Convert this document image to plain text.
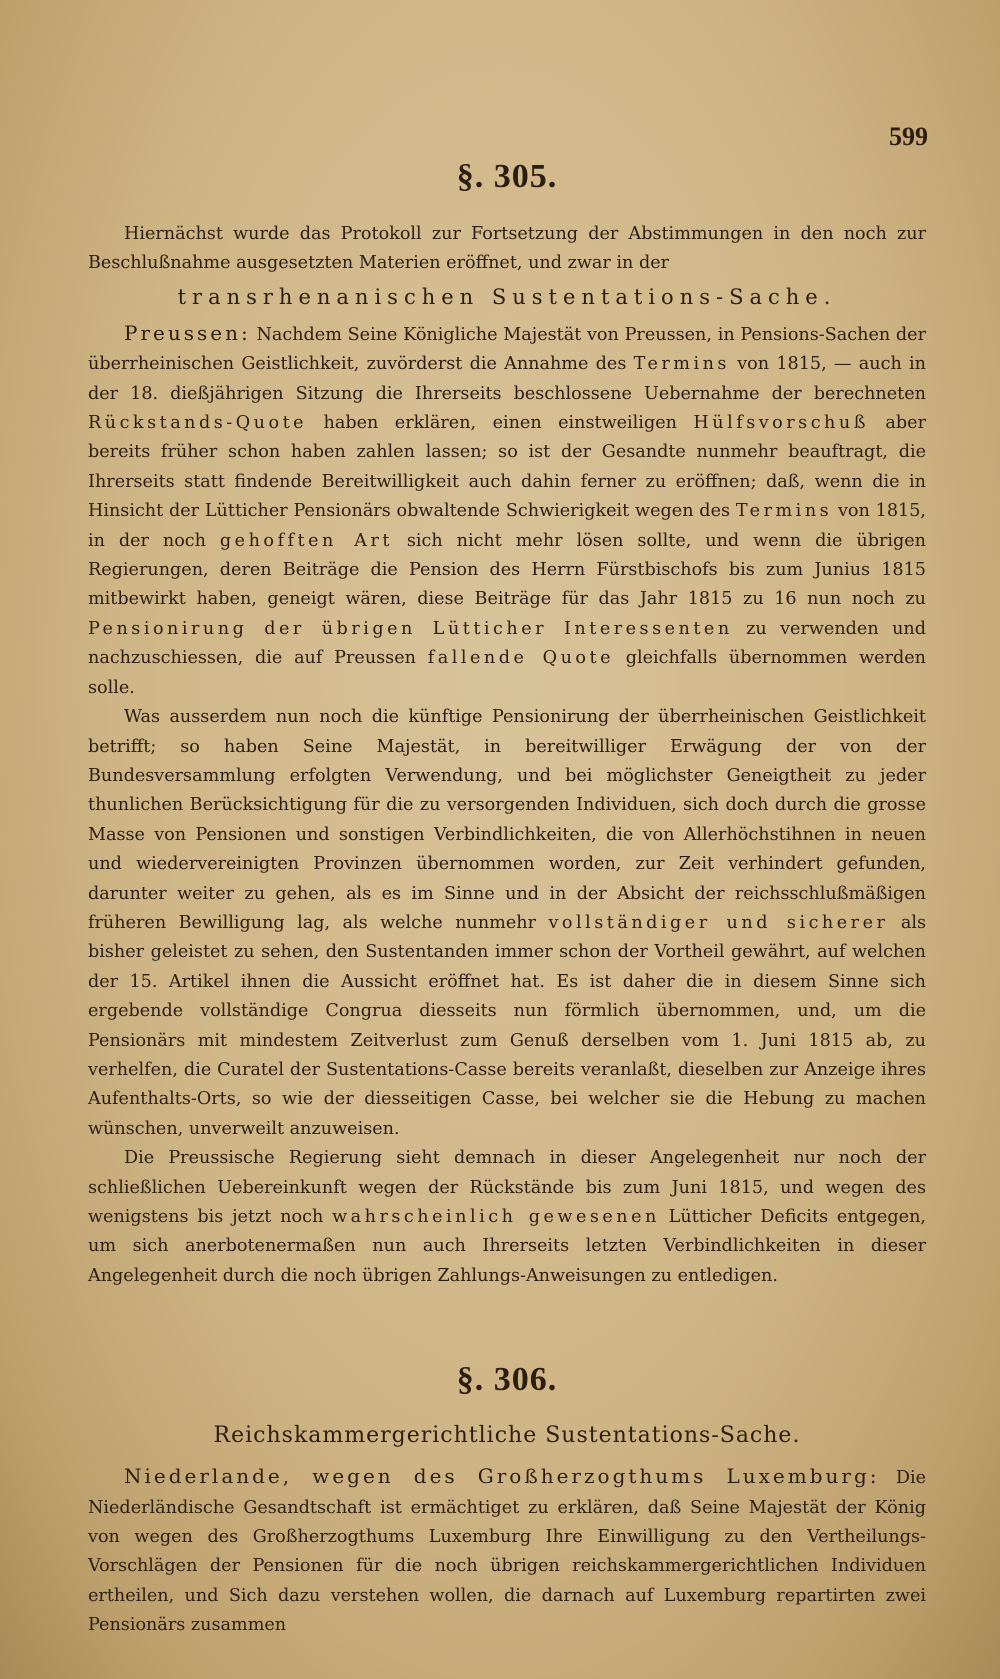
599
§. 305.

Hiernächst wurde das Protokoll zur Fortsetzung der Abstimmungen in den noch zur Beschlußnahme ausgesetzten Materien eröffnet, und zwar in der

transrhenanischen Sustentations-Sache.

Preussen: Nachdem Seine Königliche Majestät von Preussen, in Pensions-Sachen der überrheinischen Geistlichkeit, zuvörderst die Annahme des Termins von 1815, — auch in der 18. dießjährigen Sitzung die Ihrerseits beschlossene Uebernahme der berechneten Rückstands-Quote haben erklären, einen einstweiligen Hülfsvorschuß aber bereits früher schon haben zahlen lassen; so ist der Gesandte nunmehr beauftragt, die Ihrerseits statt findende Bereitwilligkeit auch dahin ferner zu eröffnen; daß, wenn die in Hinsicht der Lütticher Pensionärs obwaltende Schwierigkeit wegen des Termins von 1815, in der noch gehofften Art sich nicht mehr lösen sollte, und wenn die übrigen Regierungen, deren Beiträge die Pension des Herrn Fürstbischofs bis zum Junius 1815 mitbewirkt haben, geneigt wären, diese Beiträge für das Jahr 1815 zu 16 nun noch zu Pensionirung der übrigen Lütticher Interessenten zu verwenden und nachzuschiessen, die auf Preussen fallende Quote gleichfalls übernommen werden solle.

Was ausserdem nun noch die künftige Pensionirung der überrheinischen Geistlichkeit betrifft; so haben Seine Majestät, in bereitwilliger Erwägung der von der Bundesversammlung erfolgten Verwendung, und bei möglichster Geneigtheit zu jeder thunlichen Berücksichtigung für die zu versorgenden Individuen, sich doch durch die grosse Masse von Pensionen und sonstigen Verbindlichkeiten, die von Allerhöchstihnen in neuen und wiedervereinigten Provinzen übernommen worden, zur Zeit verhindert gefunden, darunter weiter zu gehen, als es im Sinne und in der Absicht der reichsschlußmäßigen früheren Bewilligung lag, als welche nunmehr vollständiger und sicherer als bisher geleistet zu sehen, den Sustentanden immer schon der Vortheil gewährt, auf welchen der 15. Artikel ihnen die Aussicht eröffnet hat. Es ist daher die in diesem Sinne sich ergebende vollständige Congrua diesseits nun förmlich übernommen, und, um die Pensionärs mit mindestem Zeitverlust zum Genuß derselben vom 1. Juni 1815 ab, zu verhelfen, die Curatel der Sustentations-Casse bereits veranlaßt, dieselben zur Anzeige ihres Aufenthalts-Orts, so wie der diesseitigen Casse, bei welcher sie die Hebung zu machen wünschen, unverweilt anzuweisen.

Die Preussische Regierung sieht demnach in dieser Angelegenheit nur noch der schließlichen Uebereinkunft wegen der Rückstände bis zum Juni 1815, und wegen des wenigstens bis jetzt noch wahrscheinlich gewesenen Lütticher Deficits entgegen, um sich anerbotenermaßen nun auch Ihrerseits letzten Verbindlichkeiten in dieser Angelegenheit durch die noch übrigen Zahlungs-Anweisungen zu entledigen.

§. 306.
Reichskammergerichtliche Sustentations-Sache.

Niederlande, wegen des Großherzogthums Luxemburg: Die Niederländische Gesandtschaft ist ermächtiget zu erklären, daß Seine Majestät der König von wegen des Großherzogthums Luxemburg Ihre Einwilligung zu den Vertheilungs-Vorschlägen der Pensionen für die noch übrigen reichskammergerichtlichen Individuen ertheilen, und Sich dazu verstehen wollen, die darnach auf Luxemburg repartirten zwei Pensionärs zusammen
